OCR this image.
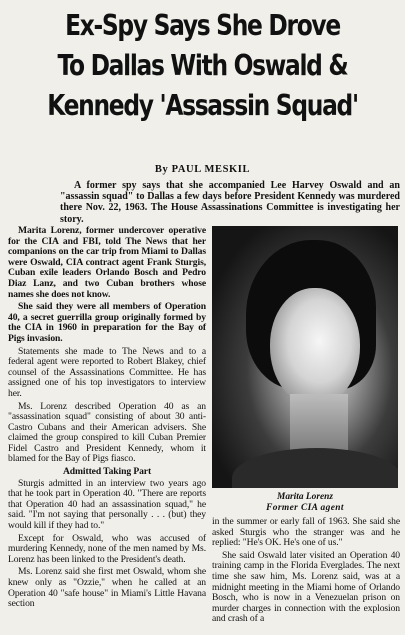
Ex-Spy Says She Drove
To Dallas With Oswald &
Kennedy 'Assassin Squad'

By PAUL MESKIL

A former spy says that she accompanied Lee Harvey Oswald and an "assassin squad" to Dallas a few days before President Kennedy was murdered there Nov. 22, 1963. The House Assassinations Committee is investigating her story.

Marita Lorenz, former undercover operative for the CIA and FBI, told The News that her companions on the car trip from Miami to Dallas were Oswald, CIA contract agent Frank Sturgis, Cuban exile leaders Orlando Bosch and Pedro Diaz Lanz, and two Cuban brothers whose names she does not know.

She said they were all members of Operation 40, a secret guerrilla group originally formed by the CIA in 1960 in preparation for the Bay of Pigs invasion.

Statements she made to The News and to a federal agent were reported to Robert Blakey, chief counsel of the Assassinations Committee. He has assigned one of his top investigators to interview her.

Ms. Lorenz described Operation 40 as an "assassination squad" consisting of about 30 anti-Castro Cubans and their American advisers. She claimed the group conspired to kill Cuban Premier Fidel Castro and President Kennedy, whom it blamed for the Bay of Pigs fiasco.

Admitted Taking Part

Sturgis admitted in an interview two years ago that he took part in Operation 40. "There are reports that Operation 40 had an assassination squad," he said. "I'm not saying that personally . . . (but) they would kill if they had to."

Except for Oswald, who was accused of murdering Kennedy, none of the men named by Ms. Lorenz has been linked to the President's death.

Ms. Lorenz said she first met Oswald, whom she knew only as "Ozzie," when he called at an Operation 40 "safe house" in Miami's Little Havana section

Marita Lorenz

Former CIA agent

in the summer or early fall of 1963. She said she asked Sturgis who the stranger was and he replied: "He's OK. He's one of us."

She said Oswald later visited an Operation 40 training camp in the Florida Everglades. The next time she saw him, Ms. Lorenz said, was at a midnight meeting in the Miami home of Orlando Bosch, who is now in a Venezuelan prison on murder charges in connection with the explosion and crash of a
